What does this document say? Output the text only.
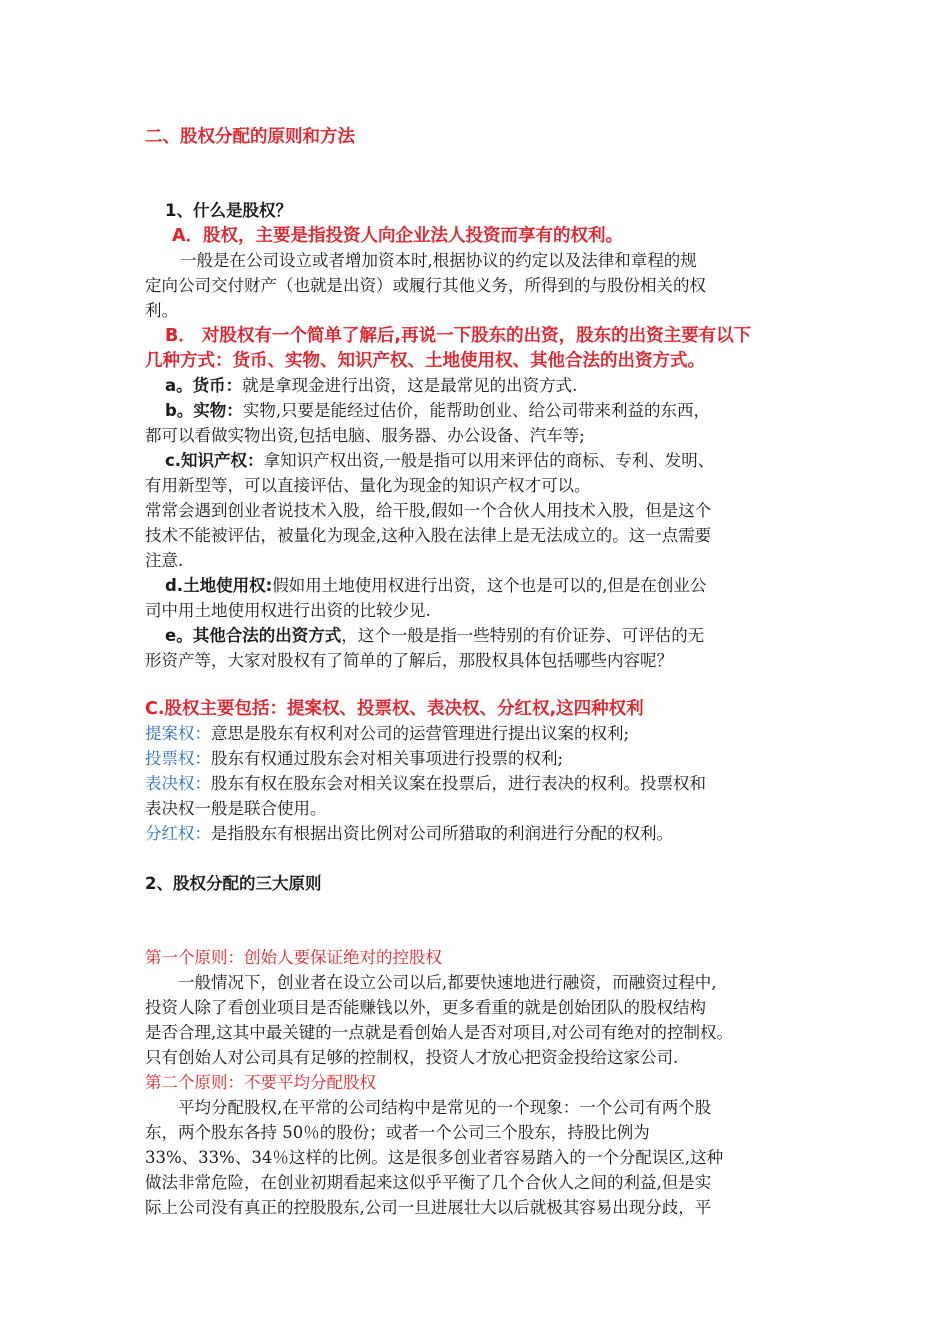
二、股权分配的原则和方法
1、什么是股权？
A．股权，主要是指投资人向企业法人投资而享有的权利。
一般是在公司设立或者增加资本时,根据协议的约定以及法律和章程的规
定向公司交付财产（也就是出资）或履行其他义务，所得到的与股份相关的权
利。
B． 对股权有一个简单了解后,再说一下股东的出资，股东的出资主要有以下
几种方式：货币、实物、知识产权、土地使用权、其他合法的出资方式。
a。货币：就是拿现金进行出资，这是最常见的出资方式.
b。实物：实物,只要是能经过估价，能帮助创业、给公司带来利益的东西，
都可以看做实物出资,包括电脑、服务器、办公设备、汽车等;
c.知识产权：拿知识产权出资,一般是指可以用来评估的商标、专利、发明、
有用新型等，可以直接评估、量化为现金的知识产权才可以。
常常会遇到创业者说技术入股，给干股,假如一个合伙人用技术入股，但是这个
技术不能被评估，被量化为现金,这种入股在法律上是无法成立的。这一点需要
注意.
d.土地使用权:假如用土地使用权进行出资，这个也是可以的,但是在创业公
司中用土地使用权进行出资的比较少见.
e。其他合法的出资方式，这个一般是指一些特别的有价证券、可评估的无
形资产等，大家对股权有了简单的了解后，那股权具体包括哪些内容呢？
C.股权主要包括：提案权、投票权、表决权、分红权,这四种权利
提案权：意思是股东有权利对公司的运营管理进行提出议案的权利;
投票权：股东有权通过股东会对相关事项进行投票的权利;
表决权：股东有权在股东会对相关议案在投票后，进行表决的权利。投票权和
表决权一般是联合使用。
分红权：是指股东有根据出资比例对公司所猎取的利润进行分配的权利。
2、股权分配的三大原则
第一个原则：创始人要保证绝对的控股权
一般情况下，创业者在设立公司以后,都要快速地进行融资，而融资过程中,
投资人除了看创业项目是否能赚钱以外，更多看重的就是创始团队的股权结构
是否合理,这其中最关键的一点就是看创始人是否对项目,对公司有绝对的控制权。
只有创始人对公司具有足够的控制权，投资人才放心把资金投给这家公司.
第二个原则：不要平均分配股权
平均分配股权,在平常的公司结构中是常见的一个现象：一个公司有两个股
东，两个股东各持 50％的股份；或者一个公司三个股东，持股比例为
33%、33%、34％这样的比例。这是很多创业者容易踏入的一个分配误区,这种
做法非常危险，在创业初期看起来这似乎平衡了几个合伙人之间的利益,但是实
际上公司没有真正的控股股东,公司一旦进展壮大以后就极其容易出现分歧，平
